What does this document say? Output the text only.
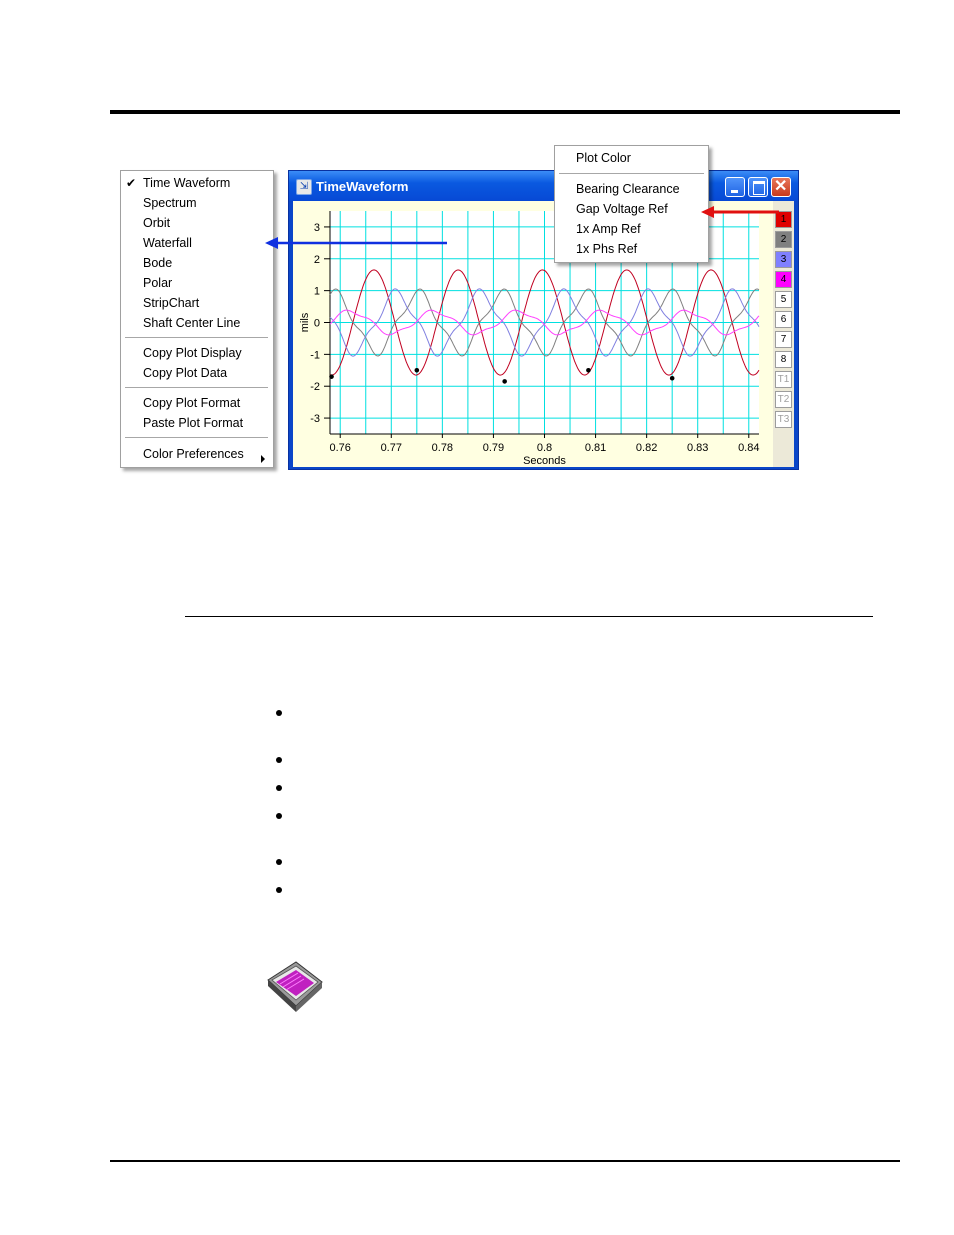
Time Waveform
✔
Spectrum
Orbit
Waterfall
Bode
Polar
StripChart
Shaft Center Line
Copy Plot Display
Copy Plot Data
Copy Plot Format
Paste Plot Format
Color Preferences
⇲ TimeWaveform	✕
3
2
1
0
-1
-2
-3
0.76	0.77	0.78	0.79	0.8	0.81	0.82	0.83	0.84
Seconds
mils
1
2
3
4
5
6
7
8
T1
T2
T3
Plot Color
Bearing Clearance
Gap Voltage Ref
1x Amp Ref
1x Phs Ref
